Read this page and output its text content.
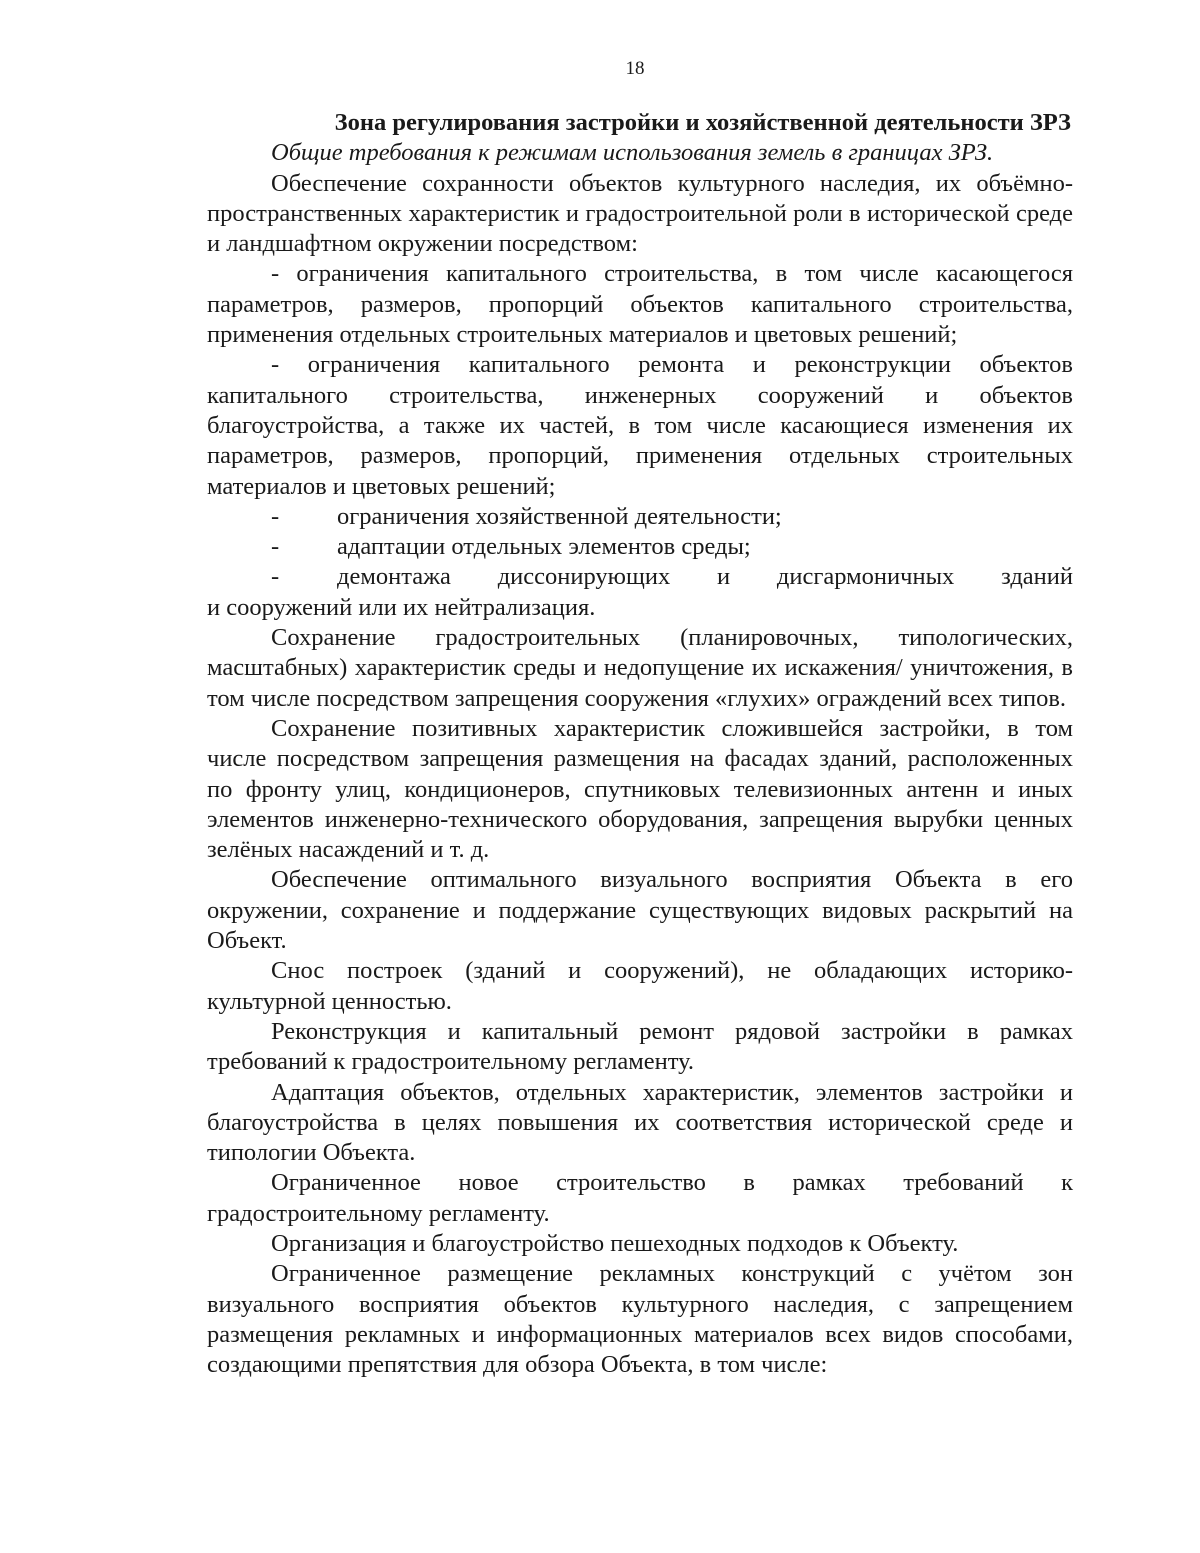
18
Зона регулирования застройки и хозяйственной деятельности ЗРЗ
Общие требования к режимам использования земель в границах ЗРЗ.

Обеспечение сохранности объектов культурного наследия, их объёмно-пространственных характеристик и градостроительной роли в исторической среде и ландшафтном окружении посредством:

- ограничения капитального строительства, в том числе касающегося параметров, размеров, пропорций объектов капитального строительства, применения отдельных строительных материалов и цветовых решений;

- ограничения капитального ремонта и реконструкции объектов капитального строительства, инженерных сооружений и объектов благоустройства, а также их частей, в том числе касающиеся изменения их параметров, размеров, пропорций, применения отдельных строительных материалов и цветовых решений;

-	ограничения хозяйственной деятельности;
-	адаптации отдельных элементов среды;
-	демонтажа диссонирующих и дисгармоничных зданий
и сооружений или их нейтрализация.

Сохранение градостроительных (планировочных, типологических, масштабных) характеристик среды и недопущение их искажения/ уничтожения, в том числе посредством запрещения сооружения «глухих» ограждений всех типов.

Сохранение позитивных характеристик сложившейся застройки, в том числе посредством запрещения размещения на фасадах зданий, расположенных по фронту улиц, кондиционеров, спутниковых телевизионных антенн и иных элементов инженерно-технического оборудования, запрещения вырубки ценных зелёных насаждений и т. д.

Обеспечение оптимального визуального восприятия Объекта в его окружении, сохранение и поддержание существующих видовых раскрытий на Объект.

Снос построек (зданий и сооружений), не обладающих историко-культурной ценностью.

Реконструкция и капитальный ремонт рядовой застройки в рамках требований к градостроительному регламенту.

Адаптация объектов, отдельных характеристик, элементов застройки и благоустройства в целях повышения их соответствия исторической среде и типологии Объекта.

Ограниченное новое строительство в рамках требований к градостроительному регламенту.

Организация и благоустройство пешеходных подходов к Объекту.

Ограниченное размещение рекламных конструкций с учётом зон визуального восприятия объектов культурного наследия, с запрещением размещения рекламных и информационных материалов всех видов способами, создающими препятствия для обзора Объекта, в том числе:
